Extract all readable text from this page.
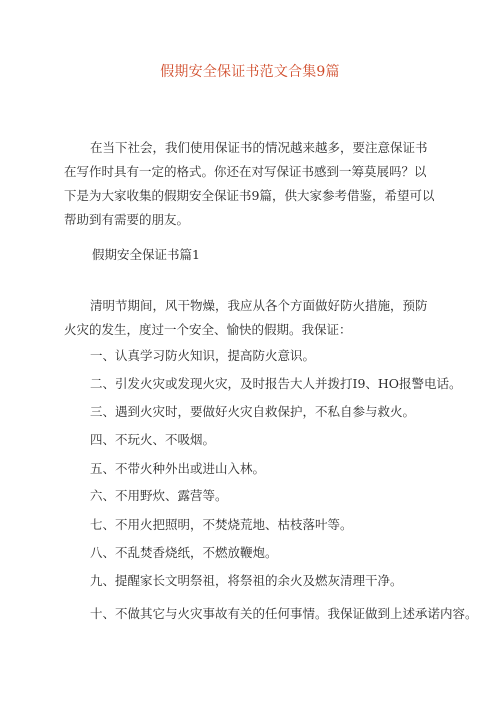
假期安全保证书范文合集9篇

在当下社会，我们使用保证书的情况越来越多，要注意保证书在写作时具有一定的格式。你还在对写保证书感到一筹莫展吗？以下是为大家收集的假期安全保证书9篇，供大家参考借鉴，希望可以帮助到有需要的朋友。

假期安全保证书篇1

清明节期间，风干物燥，我应从各个方面做好防火措施，预防火灾的发生，度过一个安全、愉快的假期。我保证：

一、认真学习防火知识，提高防火意识。
二、引发火灾或发现火灾，及时报告大人并拨打I9、HO报警电话。
三、遇到火灾时，要做好火灾自救保护，不私自参与救火。
四、不玩火、不吸烟。
五、不带火种外出或进山入林。
六、不用野炊、露营等。
七、不用火把照明，不焚烧荒地、枯枝落叶等。
八、不乱焚香烧纸，不燃放鞭炮。
九、提醒家长文明祭祖，将祭祖的余火及燃灰清理干净。
十、不做其它与火灾事故有关的任何事情。我保证做到上述承诺内容。
